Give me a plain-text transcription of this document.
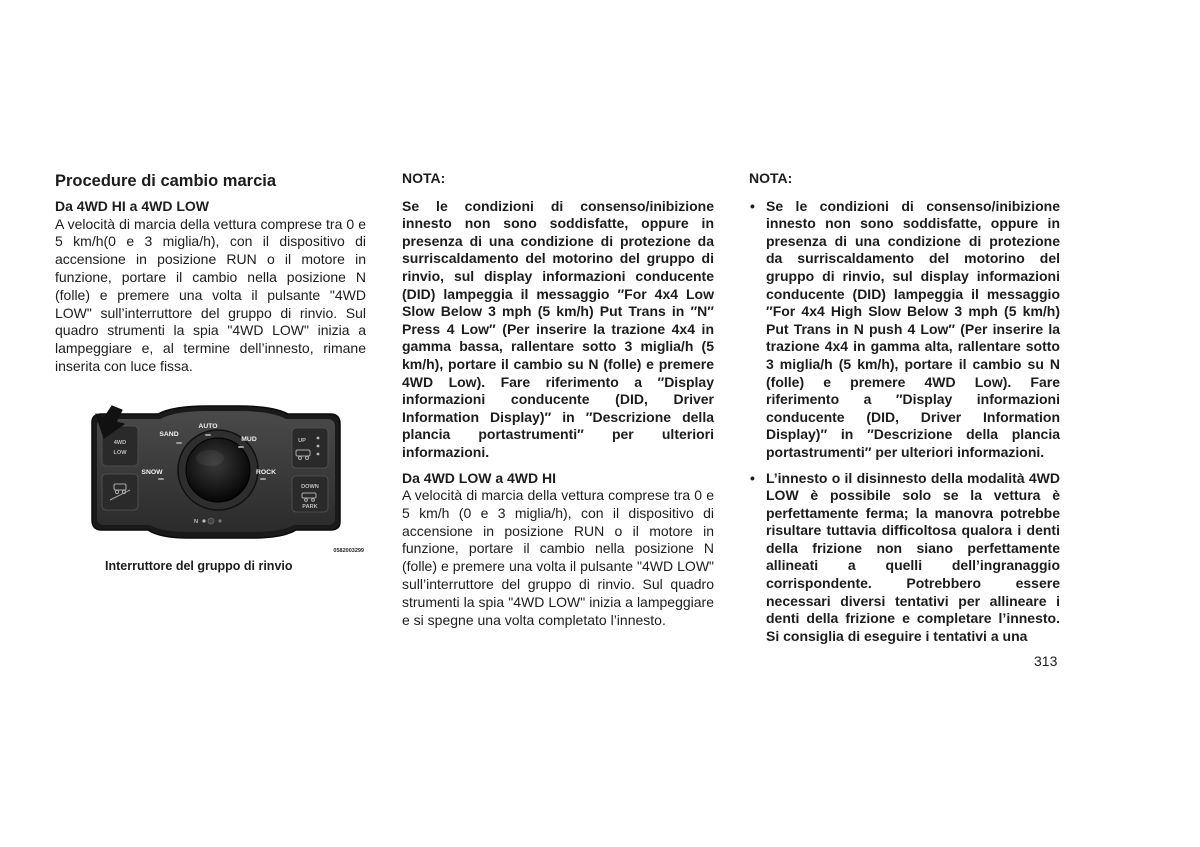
Procedure di cambio marcia
Da 4WD HI a 4WD LOW
A velocità di marcia della vettura comprese tra 0 e 5 km/h(0 e 3 miglia/h), con il dispositivo di accensione in posizione RUN o il motore in funzione, portare il cambio nella posizione N (folle) e premere una volta il pulsante "4WD LOW" sull’interruttore del gruppo di rinvio. Sul quadro strumenti la spia "4WD LOW" inizia a lampeggiare e, al termine dell’innesto, rimane inserita con luce fissa.
4WD
LOW
UP
DOWN
PARK
AUTO
SAND
MUD
SNOW	ROCK
N
0582003299
Interruttore del gruppo di rinvio
NOTA:
Se le condizioni di consenso/inibizione innesto non sono soddisfatte, oppure in presenza di una condizione di protezione da surriscaldamento del motorino del gruppo di rinvio, sul display informazioni conducente (DID) lampeggia il messaggio ″For 4x4 Low Slow Below 3 mph (5 km/h) Put Trans in ″N″ Press 4 Low″ (Per inserire la trazione 4x4 in gamma bassa, rallentare sotto 3 miglia/h (5 km/h), portare il cambio su N (folle) e premere 4WD Low). Fare riferimento a ″Display informazioni conducente (DID, Driver Information Display)″ in ″Descrizione della plancia portastrumenti″ per ulteriori informazioni.
Da 4WD LOW a 4WD HI
A velocità di marcia della vettura comprese tra 0 e 5 km/h (0 e 3 miglia/h), con il dispositivo di accensione in posizione RUN o il motore in funzione, portare il cambio nella posizione N (folle) e premere una volta il pulsante "4WD LOW" sull’interruttore del gruppo di rinvio. Sul quadro strumenti la spia "4WD LOW" inizia a lampeggiare e si spegne una volta completato l’innesto.
NOTA:
• Se le condizioni di consenso/inibizione innesto non sono soddisfatte, oppure in presenza di una condizione di protezione da surriscaldamento del motorino del gruppo di rinvio, sul display informazioni conducente (DID) lampeggia il messaggio ″For 4x4 High Slow Below 3 mph (5 km/h) Put Trans in N push 4 Low″ (Per inserire la trazione 4x4 in gamma alta, rallentare sotto 3 miglia/h (5 km/h), portare il cambio su N (folle) e premere 4WD Low). Fare riferimento a ″Display informazioni conducente (DID, Driver Information Display)″ in ″Descrizione della plancia portastrumenti″ per ulteriori informazioni.
• L’innesto o il disinnesto della modalità 4WD LOW è possibile solo se la vettura è perfettamente ferma; la manovra potrebbe risultare tuttavia difficoltosa qualora i denti della frizione non siano perfettamente allineati a quelli dell’ingranaggio corrispondente. Potrebbero essere necessari diversi tentativi per allineare i denti della frizione e completare l’innesto. Si consiglia di eseguire i tentativi a una
313
